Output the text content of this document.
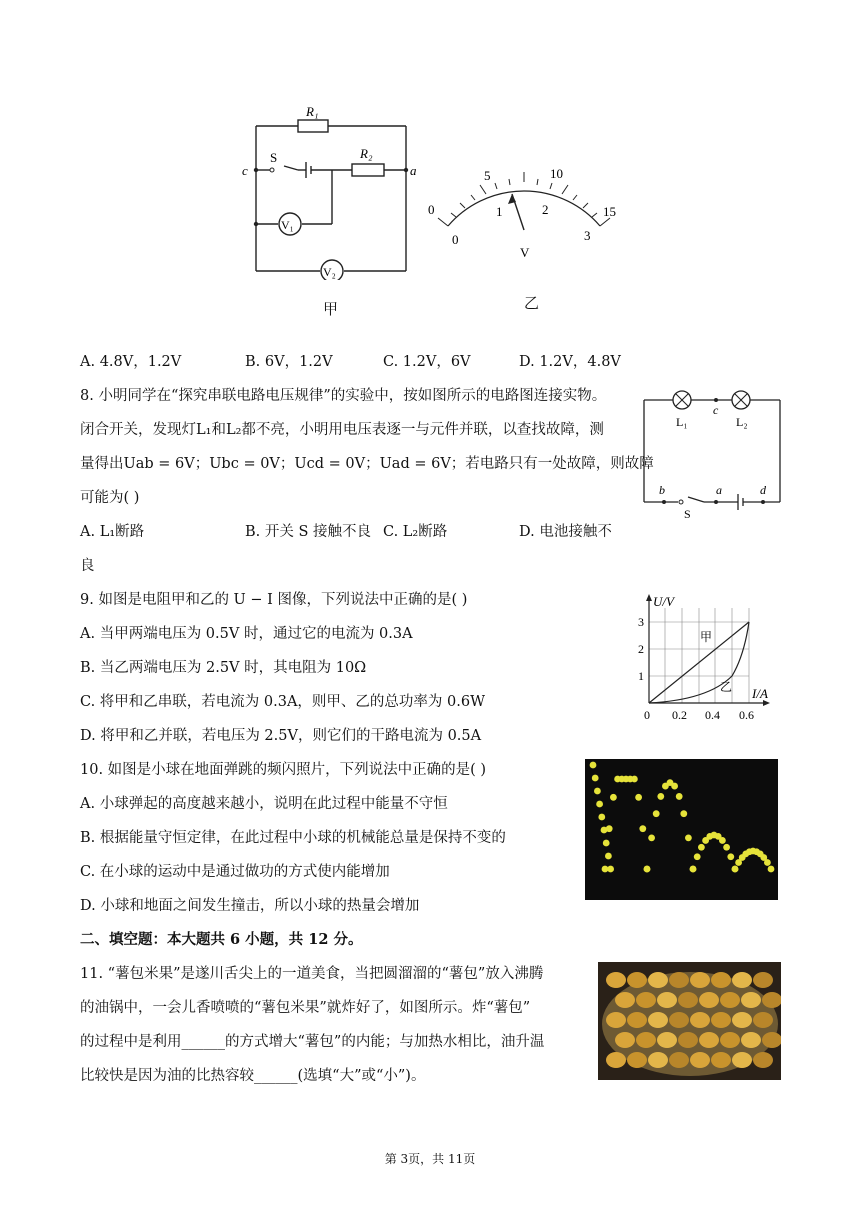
R₁
R₂
S
c	a
V₁
V₂
甲
0
5	10
15
0
1	2
3
V
乙
A. 4.8V，1.2V	B. 6V，1.2V	C. 1.2V，6V	D. 1.2V，4.8V
8. 小明同学在“探究串联电路电压规律”的实验中，按如图所示的电路图连接实物。
闭合开关，发现灯L₁和L₂都不亮，小明用电压表逐一与元件并联，以查找故障，测
量得出Uab = 6V；Ubc = 0V；Ucd = 0V；Uad = 6V；若电路只有一处故障，则故障
可能为( )
A. L₁断路	B. 开关 S 接触不良 C. L₂断路	D. 电池接触不
良
L₁	L₂
c
b	a	d
S
9. 如图是电阻甲和乙的 U − I 图像，下列说法中正确的是( )
A. 当甲两端电压为 0.5V 时，通过它的电流为 0.3A
B. 当乙两端电压为 2.5V 时，其电阻为 10Ω
C. 将甲和乙串联，若电流为 0.3A，则甲、乙的总功率为 0.6W
D. 将甲和乙并联，若电压为 2.5V，则它们的干路电流为 0.5A
U/V
I/A
3
2
1
0 0.2 0.4 0.6
甲
乙
10. 如图是小球在地面弹跳的频闪照片，下列说法中正确的是( )
A. 小球弹起的高度越来越小，说明在此过程中能量不守恒
B. 根据能量守恒定律，在此过程中小球的机械能总量是保持不变的
C. 在小球的运动中是通过做功的方式使内能增加
D. 小球和地面之间发生撞击，所以小球的热量会增加
二、填空题：本大题共 6 小题，共 12 分。
11. “薯包米果”是遂川舌尖上的一道美食，当把圆溜溜的“薯包”放入沸腾
的油锅中，一会儿香喷喷的“薯包米果”就炸好了，如图所示。炸“薯包”
的过程中是利用______的方式增大“薯包”的内能；与加热水相比，油升温
比较快是因为油的比热容较______(选填“大”或“小”)。
第 3页，共 11页
